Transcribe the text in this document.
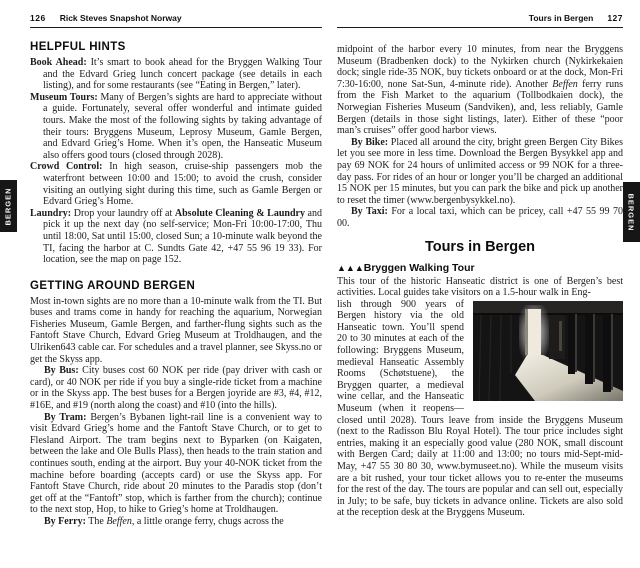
BERGEN	BERGEN
126 Rick Steves Snapshot Norway
HELPFUL HINTS

Book Ahead: It’s smart to book ahead for the Bryggen Walking Tour and the Edvard Grieg lunch concert package (see details in each listing), and for some restaurants (see “Eating in Bergen,” later).

Museum Tours: Many of Bergen’s sights are hard to appreciate without a guide. Fortunately, several offer wonderful and intimate guided tours. Make the most of the following sights by taking advantage of their tours: Bryggens Museum, Leprosy Museum, Gamle Bergen, and Edvard Grieg’s Home. When it’s open, the Hanseatic Museum also offers good tours (closed through 2028).

Crowd Control: In high season, cruise-ship passengers mob the waterfront between 10:00 and 15:00; to avoid the crush, consider visiting an outlying sight during this time, such as Gamle Bergen or Edvard Grieg’s Home.

Laundry: Drop your laundry off at Absolute Cleaning & Laundry and pick it up the next day (no self-service; Mon-Fri 10:00-17:00, Thu until 18:00, Sat until 15:00, closed Sun; a 10-minute walk beyond the TI, facing the harbor at C. Sundts Gate 42, +47 55 96 19 33). For location, see the map on page 152.

GETTING AROUND BERGEN

Most in-town sights are no more than a 10-minute walk from the TI. But buses and trams come in handy for reaching the aquarium, Norwegian Fisheries Museum, Gamle Bergen, and farther-flung sights such as the Fantoft Stave Church, Edvard Grieg Museum at Troldhaugen, and the Ulriken643 cable car. For schedules and a travel planner, see Skyss.no or get the Skyss app.

By Bus: City buses cost 60 NOK per ride (pay driver with cash or card), or 40 NOK per ride if you buy a single-ride ticket from a machine or in the Skyss app. The best buses for a Bergen joyride are #3, #4, #12, #16E, and #19 (north along the coast) and #10 (into the hills).

By Tram: Bergen’s Bybanen light-rail line is a convenient way to visit Edvard Grieg’s home and the Fantoft Stave Church, or to get to Flesland Airport. The tram begins next to Byparken (on Kaigaten, between the lake and Ole Bulls Plass), then heads to the train station and continues south, ending at the airport. Buy your 40-NOK ticket from the machine before boarding (accepts card) or use the Skyss app. For Fantoft Stave Church, ride about 20 minutes to the Paradis stop (don’t get off at the “Fantoft” stop, which is farther from the church); continue to the next stop, Hop, to hike to Grieg’s home at Troldhaugen.

By Ferry: The Beffen, a little orange ferry, chugs across the

Tours in Bergen 127

midpoint of the harbor every 10 minutes, from near the Bryggens Museum (Bradbenken dock) to the Nykirken church (Nykirkekaien dock; single ride-35 NOK, buy tickets onboard or at the dock, Mon-Fri 7:30-16:00, none Sat-Sun, 4-minute ride). Another Beffen ferry runs from the Fish Market to the aquarium (Tollbodkaien dock), the Norwegian Fisheries Museum (Sandviken), and, less reliably, Gamle Bergen (details in those sight listings, later). Either of these “poor man’s cruises” offer good harbor views.

By Bike: Placed all around the city, bright green Bergen City Bikes let you see more in less time. Download the Bergen Bysykkel app and pay 69 NOK for 24 hours of unlimited access or 99 NOK for a three-day pass. For rides of an hour or longer you’ll be charged an additional 15 NOK per 15 minutes, but you can park the bike and pick up another to reset the timer (www.bergenbysykkel.no).

By Taxi: For a local taxi, which can be pricey, call +47 55 99 70 00.

Tours in Bergen
▲▲▲Bryggen Walking Tour

This tour of the historic Hanseatic district is one of Bergen’s best activities. Local guides take visitors on a 1.5-hour walk in Eng-

lish through 900 years of Bergen history via the old Hanseatic town. You’ll spend 20 to 30 minutes at each of the following: Bryggens Museum, medieval Hanseatic Assembly Rooms (Schøtstuene), the Bryggen quarter, a medieval wine cellar, and the Hanseatic Museum (when it reopens—closed until 2028). Tours leave from inside the Bryggens Museum (next to the Radisson Blu Royal Hotel). The tour price includes sight entries, making it an especially good value (280 NOK, small discount with Bergen Card; daily at 11:00 and 13:00; no tours mid-Sept-mid-May, +47 55 30 80 30, www.bymuseet.no). While the museum visits are a bit rushed, your tour ticket allows you to re-enter the museums for the rest of the day. The tours are popular and can sell out, especially in July; to be safe, buy tickets in advance online. Tickets are also sold at the reception desk at the Bryggens Museum.
